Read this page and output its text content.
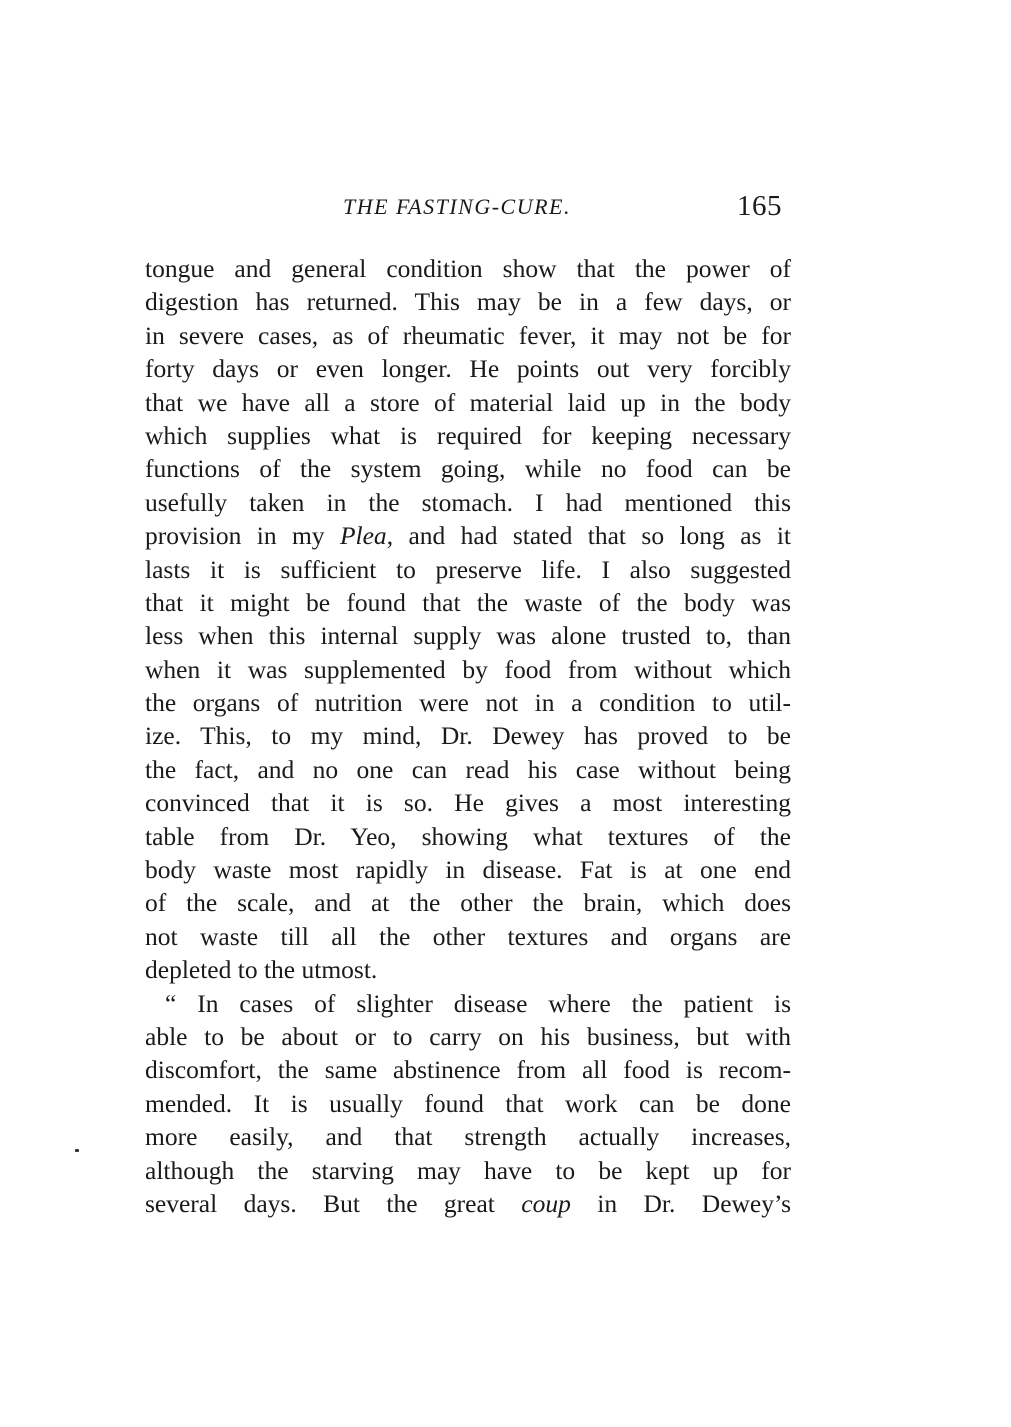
THE FASTING-CURE.	165
tongue and general condition show that the power of
digestion has returned. This may be in a few days, or
in severe cases, as of rheumatic fever, it may not be for
forty days or even longer. He points out very forcibly
that we have all a store of material laid up in the body
which supplies what is required for keeping necessary
functions of the system going, while no food can be
usefully taken in the stomach. I had mentioned this
provision in my Plea, and had stated that so long as it
lasts it is sufficient to preserve life. I also suggested
that it might be found that the waste of the body was
less when this internal supply was alone trusted to, than
when it was supplemented by food from without which
the organs of nutrition were not in a condition to util-
ize. This, to my mind, Dr. Dewey has proved to be
the fact, and no one can read his case without being
convinced that it is so. He gives a most interesting
table from Dr. Yeo, showing what textures of the
body waste most rapidly in disease. Fat is at one end
of the scale, and at the other the brain, which does
not waste till all the other textures and organs are
depleted to the utmost.
“ In cases of slighter disease where the patient is
able to be about or to carry on his business, but with
discomfort, the same abstinence from all food is recom-
mended. It is usually found that work can be done
more easily, and that strength actually increases,
although the starving may have to be kept up for
several days. But the great coup in Dr. Dewey’s
